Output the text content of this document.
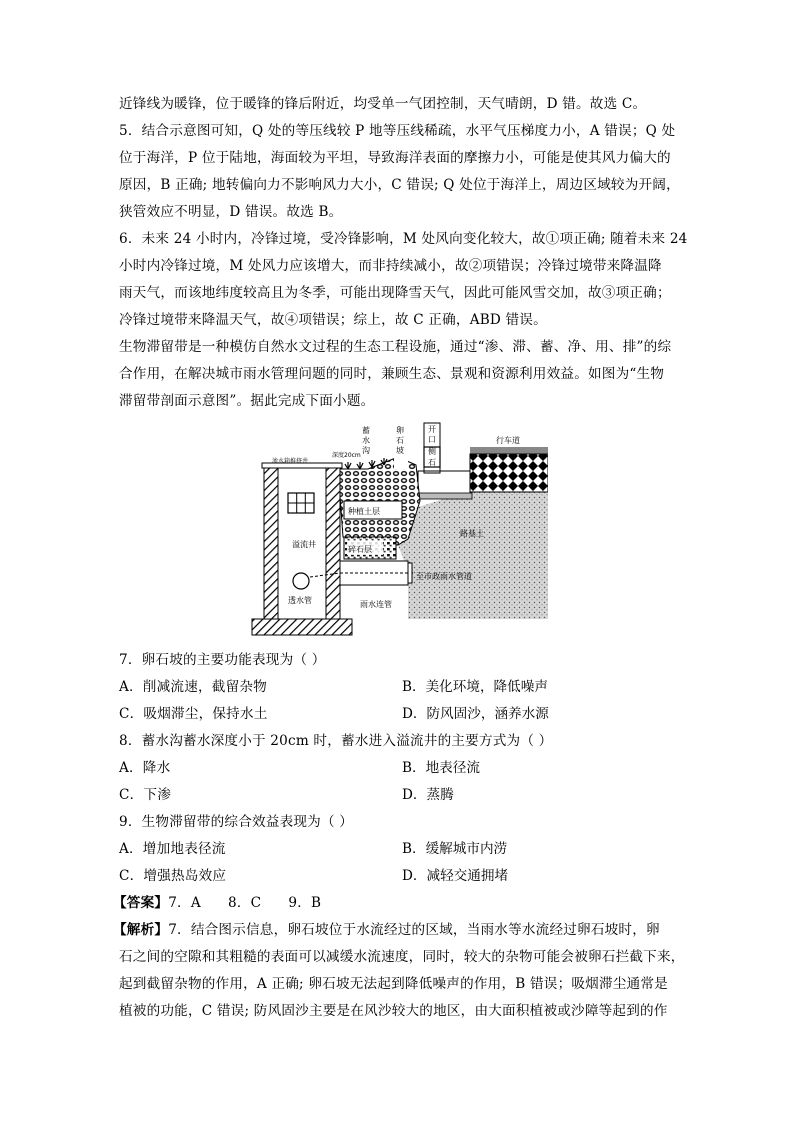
近锋线为暖锋，位于暖锋的锋后附近，均受单一气团控制，天气晴朗，D 错。故选 C。
5．结合示意图可知，Q 处的等压线较 P 地等压线稀疏，水平气压梯度力小，A 错误；Q 处
位于海洋，P 位于陆地，海面较为平坦，导致海洋表面的摩擦力小，可能是使其风力偏大的
原因，B 正确; 地转偏向力不影响风力大小，C 错误; Q 处位于海洋上，周边区域较为开阔，
狭管效应不明显，D 错误。故选 B。
6．未来 24 小时内，冷锋过境，受冷锋影响，M 处风向变化较大，故①项正确; 随着未来 24
小时内冷锋过境，M 处风力应该增大，而非持续减小，故②项错误；冷锋过境带来降温降
雨天气，而该地纬度较高且为冬季，可能出现降雪天气，因此可能风雪交加，故③项正确；
冷锋过境带来降温天气，故④项错误；综上，故 C 正确，ABD 错误。
生物滞留带是一种模仿自然水文过程的生态工程设施，通过“渗、滞、蓄、净、用、排”的综
合作用，在解决城市雨水管理问题的同时，兼顾生态、景观和资源利用效益。如图为“生物
滞留带剖面示意图”。据此完成下面小题。
渗水箱推挤井
深度20cm
蓄
水
沟
卵
石
坡
开
口
侧
石
行车道
种植土层
路基土
溢流井
碎石层
至市政雨水管道
透水管	雨水连管
7．卵石坡的主要功能表现为（ ）
A．削减流速，截留杂物	B．美化环境，降低噪声
C．吸烟滞尘，保持水土	D．防风固沙，涵养水源
8．蓄水沟蓄水深度小于 20cm 时，蓄水进入溢流井的主要方式为（ ）
A．降水	B．地表径流
C．下渗	D．蒸腾
9．生物滞留带的综合效益表现为（ ）
A．增加地表径流	B．缓解城市内涝
C．增强热岛效应	D．减轻交通拥堵
【答案】7．A      8．C      9．B
【解析】7．结合图示信息，卵石坡位于水流经过的区域，当雨水等水流经过卵石坡时，卵
石之间的空隙和其粗糙的表面可以减缓水流速度，同时，较大的杂物可能会被卵石拦截下来，
起到截留杂物的作用，A 正确; 卵石坡无法起到降低噪声的作用，B 错误；吸烟滞尘通常是
植被的功能，C 错误; 防风固沙主要是在风沙较大的地区，由大面积植被或沙障等起到的作
